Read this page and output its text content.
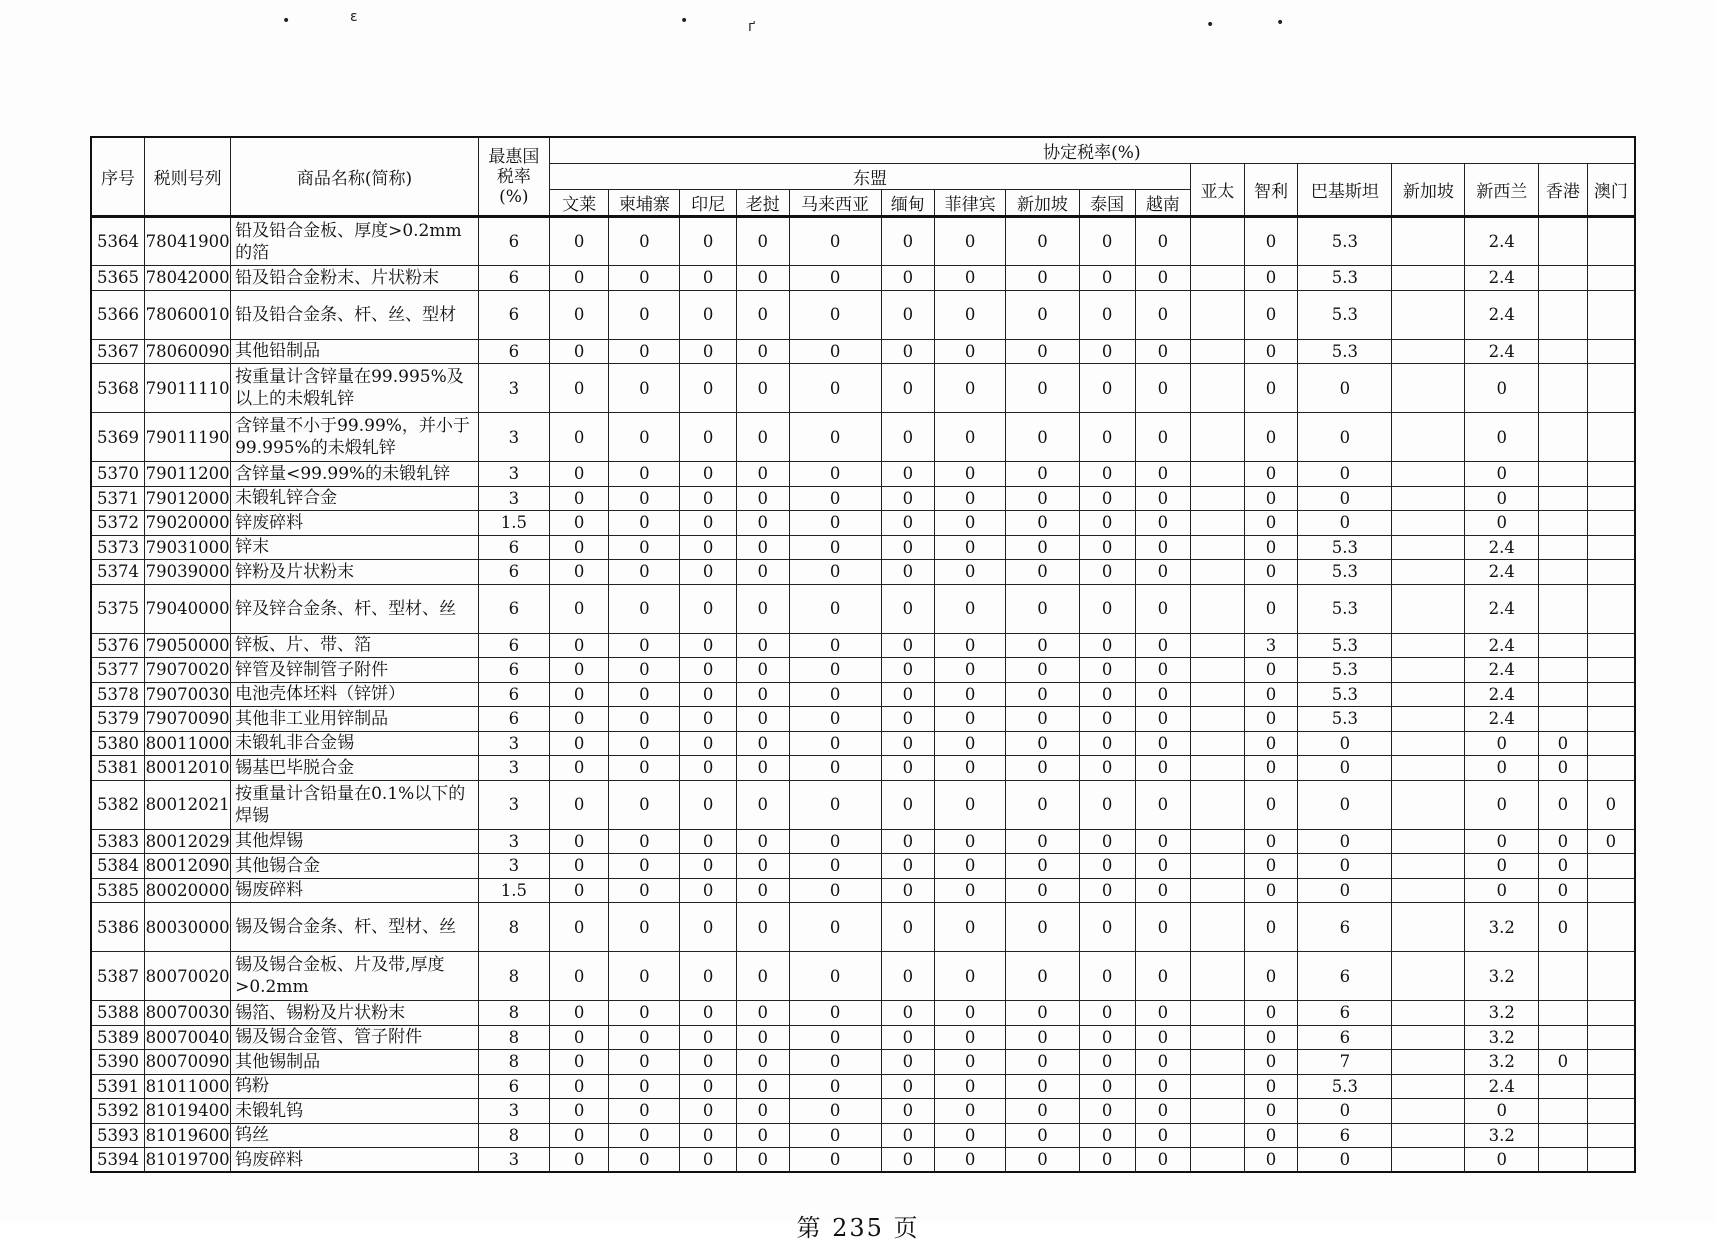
•	ɛ	•	ґ	•	•
序号	税则号列	商品名称(简称)	最惠国
税率
(%)	协定税率(%)																
				东盟										亚太	智利	巴基斯坦	新加坡	新西兰	香港	澳门
				文莱	柬埔寨	印尼	老挝	马来西亚	缅甸	菲律宾	新加坡	泰国	越南							
5364	78041900	铅及铅合金板、厚度>0.2mm的箔	6	0	0	0	0	0	0	0	0	0	0		0	5.3		2.4		
5365	78042000	铅及铅合金粉末、片状粉末	6	0	0	0	0	0	0	0	0	0	0		0	5.3		2.4		
5366	78060010	铅及铅合金条、杆、丝、型材	6	0	0	0	0	0	0	0	0	0	0		0	5.3		2.4		
5367	78060090	其他铅制品	6	0	0	0	0	0	0	0	0	0	0		0	5.3		2.4		
5368	79011110	按重量计含锌量在99.995%及以上的未煅轧锌	3	0	0	0	0	0	0	0	0	0	0		0	0		0		
5369	79011190	含锌量不小于99.99%，并小于99.995%的未煅轧锌	3	0	0	0	0	0	0	0	0	0	0		0	0		0		
5370	79011200	含锌量<99.99%的未锻轧锌	3	0	0	0	0	0	0	0	0	0	0		0	0		0		
5371	79012000	未锻轧锌合金	3	0	0	0	0	0	0	0	0	0	0		0	0		0		
5372	79020000	锌废碎料	1.5	0	0	0	0	0	0	0	0	0	0		0	0		0		
5373	79031000	锌末	6	0	0	0	0	0	0	0	0	0	0		0	5.3		2.4		
5374	79039000	锌粉及片状粉末	6	0	0	0	0	0	0	0	0	0	0		0	5.3		2.4		
5375	79040000	锌及锌合金条、杆、型材、丝	6	0	0	0	0	0	0	0	0	0	0		0	5.3		2.4		
5376	79050000	锌板、片、带、箔	6	0	0	0	0	0	0	0	0	0	0		3	5.3		2.4		
5377	79070020	锌管及锌制管子附件	6	0	0	0	0	0	0	0	0	0	0		0	5.3		2.4		
5378	79070030	电池壳体坯料（锌饼）	6	0	0	0	0	0	0	0	0	0	0		0	5.3		2.4		
5379	79070090	其他非工业用锌制品	6	0	0	0	0	0	0	0	0	0	0		0	5.3		2.4		
5380	80011000	未锻轧非合金锡	3	0	0	0	0	0	0	0	0	0	0		0	0		0	0	
5381	80012010	锡基巴毕脱合金	3	0	0	0	0	0	0	0	0	0	0		0	0		0	0	
5382	80012021	按重量计含铅量在0.1%以下的焊锡	3	0	0	0	0	0	0	0	0	0	0		0	0		0	0	0
5383	80012029	其他焊锡	3	0	0	0	0	0	0	0	0	0	0		0	0		0	0	0
5384	80012090	其他锡合金	3	0	0	0	0	0	0	0	0	0	0		0	0		0	0	
5385	80020000	锡废碎料	1.5	0	0	0	0	0	0	0	0	0	0		0	0		0	0	
5386	80030000	锡及锡合金条、杆、型材、丝	8	0	0	0	0	0	0	0	0	0	0		0	6		3.2	0	
5387	80070020	锡及锡合金板、片及带,厚度>0.2mm	8	0	0	0	0	0	0	0	0	0	0		0	6		3.2		
5388	80070030	锡箔、锡粉及片状粉末	8	0	0	0	0	0	0	0	0	0	0		0	6		3.2		
5389	80070040	锡及锡合金管、管子附件	8	0	0	0	0	0	0	0	0	0	0		0	6		3.2		
5390	80070090	其他锡制品	8	0	0	0	0	0	0	0	0	0	0		0	7		3.2	0	
5391	81011000	钨粉	6	0	0	0	0	0	0	0	0	0	0		0	5.3		2.4		
5392	81019400	未锻轧钨	3	0	0	0	0	0	0	0	0	0	0		0	0		0		
5393	81019600	钨丝	8	0	0	0	0	0	0	0	0	0	0		0	6		3.2		
5394	81019700	钨废碎料	3	0	0	0	0	0	0	0	0	0	0		0	0		0		
第 235 页
